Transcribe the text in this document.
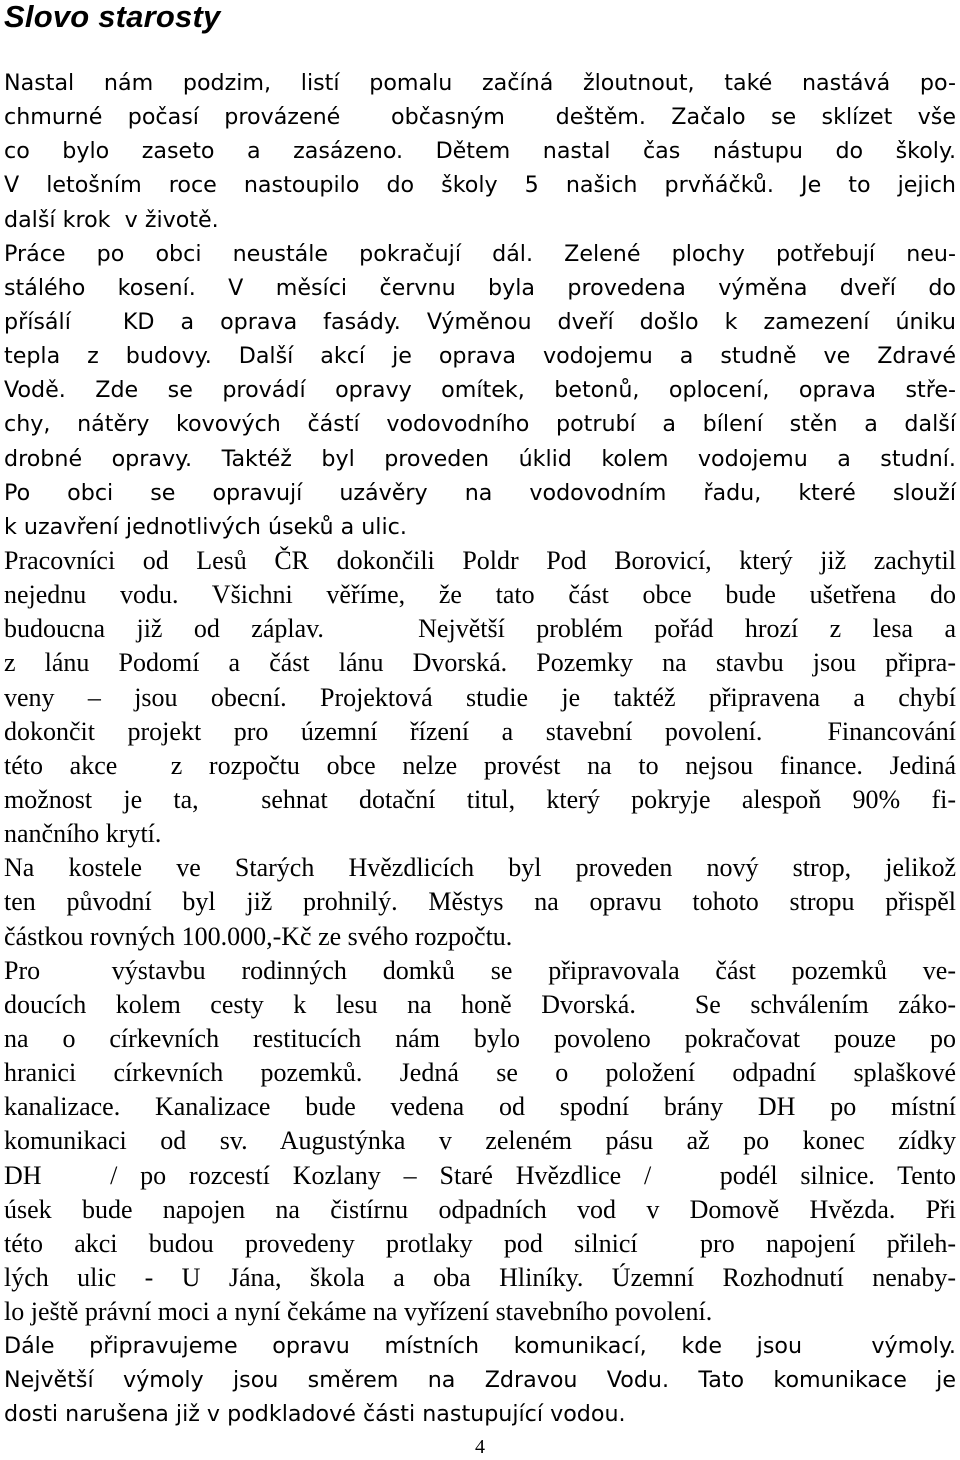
Slovo starosty
Nastal nám podzim, listí pomalu začíná žloutnout, také nastává po-
chmurné počasí provázené  občasným  deštěm. Začalo se sklízet vše
co bylo zaseto a zasázeno. Dětem nastal čas nástupu do školy.
V letošním roce nastoupilo do školy 5 našich prvňáčků. Je to jejich
další krok  v životě.
Práce po obci neustále pokračují dál. Zelené plochy potřebují neu-
stálého kosení. V měsíci červnu byla provedena výměna dveří do
přísálí  KD a oprava fasády. Výměnou dveří došlo k zamezení úniku
tepla z budovy. Další akcí je oprava vodojemu a studně ve Zdravé
Vodě. Zde se provádí opravy omítek, betonů, oplocení, oprava stře-
chy, nátěry kovových částí vodovodního potrubí a bílení stěn a další
drobné opravy. Taktéž byl proveden úklid kolem vodojemu a studní.
Po obci se opravují uzávěry na vodovodním řadu, které slouží
k uzavření jednotlivých úseků a ulic.
Pracovníci od Lesů ČR dokončili Poldr Pod Borovicí, který již zachytil
nejednu vodu. Všichni věříme, že tato část obce bude ušetřena do
budoucna již od záplav.   Největší problém pořád hrozí z lesa a
z lánu Podomí a část lánu Dvorská. Pozemky na stavbu jsou připra-
veny – jsou obecní. Projektová studie je taktéž připravena a chybí
dokončit projekt pro územní řízení a stavební povolení.  Financování
této akce  z rozpočtu obce nelze provést na to nejsou finance. Jediná
možnost je ta,  sehnat dotační titul, který pokryje alespoň 90% fi-
nančního krytí.
Na kostele ve Starých Hvězdlicích byl proveden nový strop, jelikož
ten původní byl již prohnilý. Městys na opravu tohoto stropu přispěl
částkou rovných 100.000,-Kč ze svého rozpočtu.
Pro  výstavbu rodinných domků se připravovala část pozemků ve-
doucích kolem cesty k lesu na honě Dvorská.  Se schválením záko-
na o církevních restitucích nám bylo povoleno pokračovat pouze po
hranici církevních pozemků. Jedná se o položení odpadní splaškové
kanalizace. Kanalizace bude vedena od spodní brány DH po místní
komunikaci od sv. Augustýnka v zeleném pásu až po konec zídky
DH   / po rozcestí Kozlany – Staré Hvězdlice /   podél silnice. Tento
úsek bude napojen na čistírnu odpadních vod v Domově Hvězda. Při
této akci budou provedeny protlaky pod silnicí  pro napojení přileh-
lých ulic - U Jána, škola a oba Hliníky. Územní Rozhodnutí nenaby-
lo ještě právní moci a nyní čekáme na vyřízení stavebního povolení.
Dále připravujeme opravu místních komunikací, kde jsou  výmoly.
Největší výmoly jsou směrem na Zdravou Vodu. Tato komunikace je
dosti narušena již v podkladové části nastupující vodou.
4
